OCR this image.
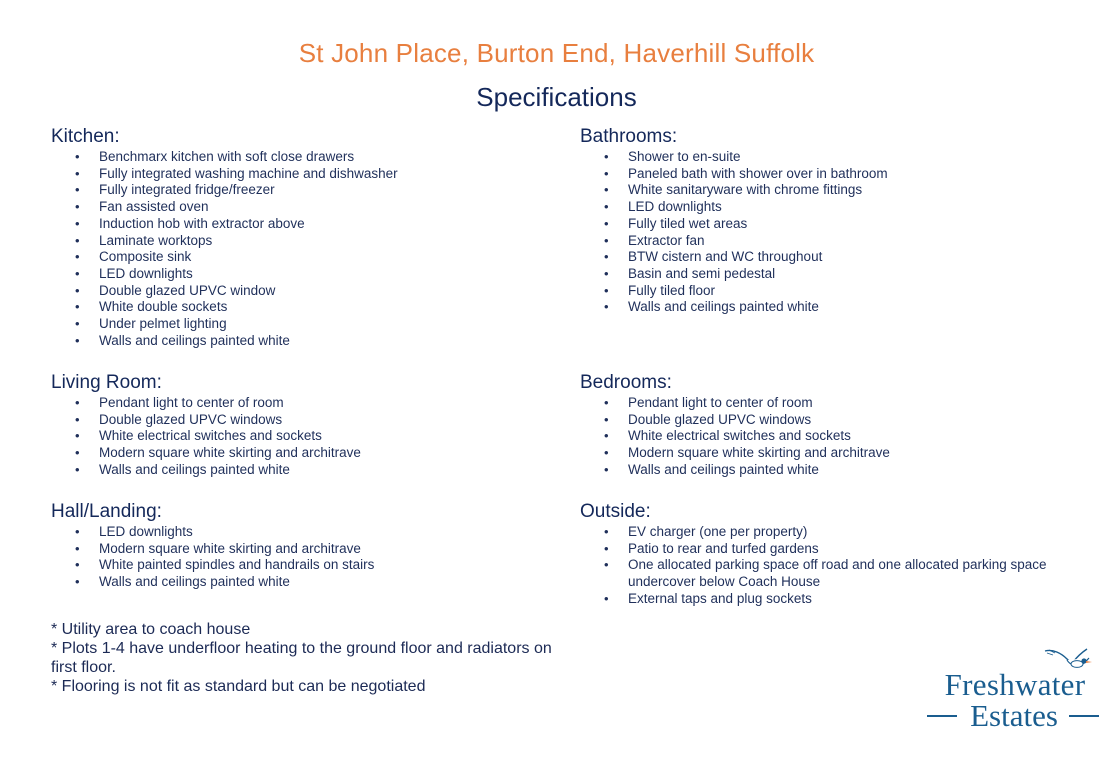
St John Place, Burton End, Haverhill Suffolk
Specifications
Kitchen:
• Benchmarx kitchen with soft close drawers
• Fully integrated washing machine and dishwasher
• Fully integrated fridge/freezer
• Fan assisted oven
• Induction hob with extractor above
• Laminate worktops
• Composite sink
• LED downlights
• Double glazed UPVC window
• White double sockets
• Under pelmet lighting
• Walls and ceilings painted white
Bathrooms:
• Shower to en-suite
• Paneled bath with shower over in bathroom
• White sanitaryware with chrome fittings
• LED downlights
• Fully tiled wet areas
• Extractor fan
• BTW cistern and WC throughout
• Basin and semi pedestal
• Fully tiled floor
• Walls and ceilings painted white
Living Room:
• Pendant light to center of room
• Double glazed UPVC windows
• White electrical switches and sockets
• Modern square white skirting and architrave
• Walls and ceilings painted white
Bedrooms:
• Pendant light to center of room
• Double glazed UPVC windows
• White electrical switches and sockets
• Modern square white skirting and architrave
• Walls and ceilings painted white
Hall/Landing:
• LED downlights
• Modern square white skirting and architrave
• White painted spindles and handrails on stairs
• Walls and ceilings painted white
Outside:
• EV charger (one per property)
• Patio to rear and turfed gardens
• One allocated parking space off road and one allocated parking space undercover below Coach House
• External taps and plug sockets

* Utility area to coach house

* Plots 1-4 have underfloor heating to the ground floor and radiators on first floor.

* Flooring is not fit as standard but can be negotiated	Freshwater
Estates
